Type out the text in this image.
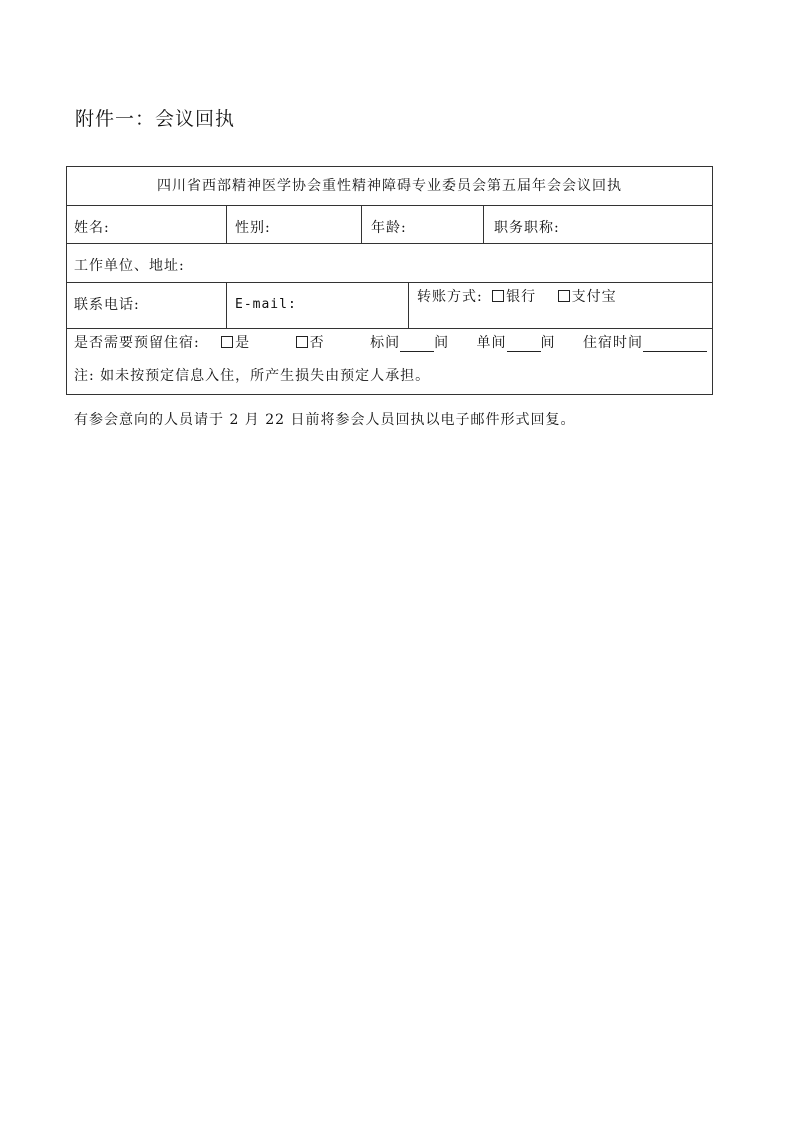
附件一：会议回执
四川省西部精神医学协会重性精神障碍专业委员会第五届年会会议回执
姓名:	性别:	年龄:	职务职称:
工作单位、地址:
联系电话:	E-mail:	转账方式: 银行	支付宝
是否需要预留住宿:	是	否	标间 间 单间 间 住宿时间
注: 如未按预定信息入住，所产生损失由预定人承担。
有参会意向的人员请于 2 月 22 日前将参会人员回执以电子邮件形式回复。
